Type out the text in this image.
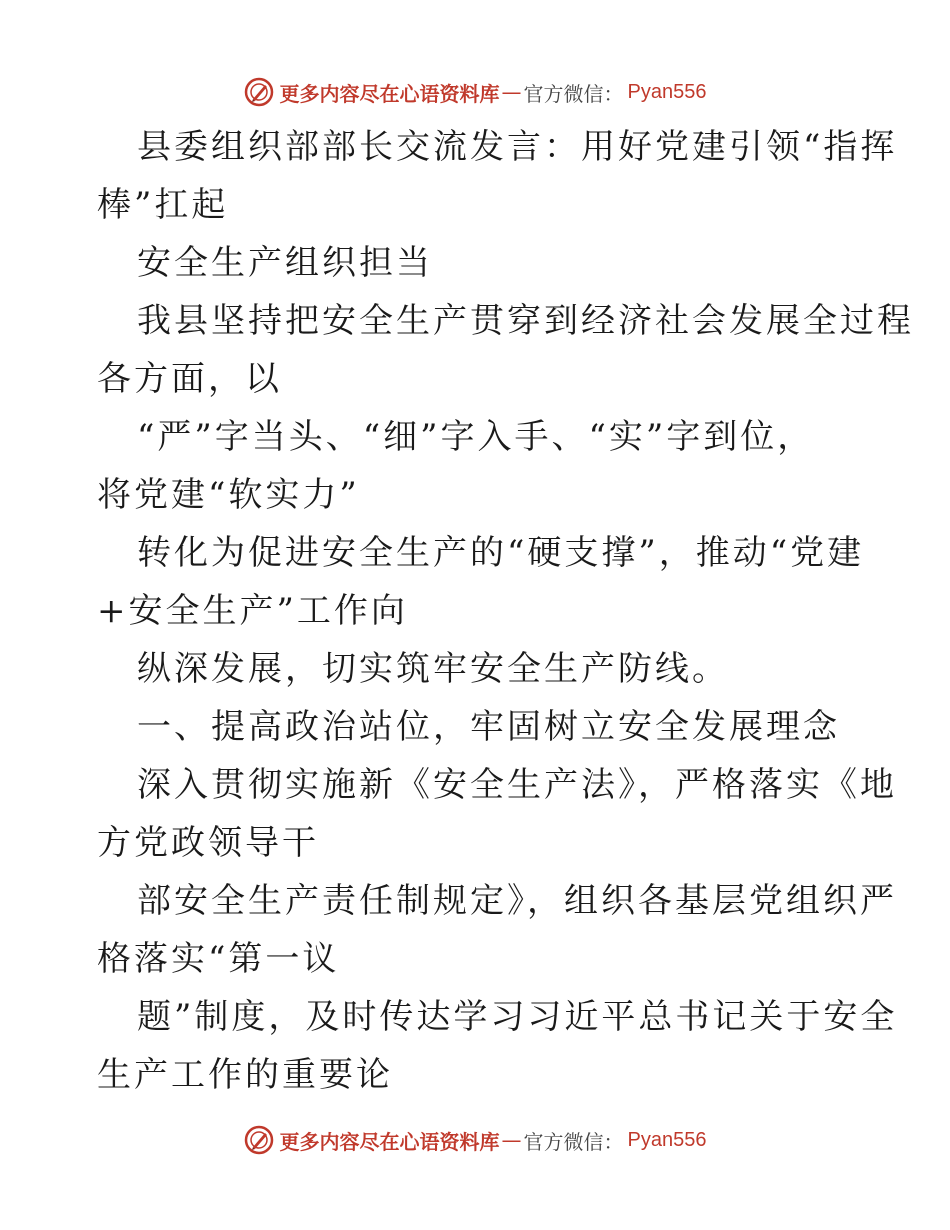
更多内容尽在心语资料库 — 官方微信： Pyan556
县委组织部部长交流发言：用好党建引领“指挥
棒”扛起
安全生产组织担当
我县坚持把安全生产贯穿到经济社会发展全过程
各方面，以
“严”字当头、“细”字入手、“实”字到位，
将党建“软实力”
转化为促进安全生产的“硬支撑”，推动“党建
+安全生产”工作向
纵深发展，切实筑牢安全生产防线。
一、提高政治站位，牢固树立安全发展理念
深入贯彻实施新《安全生产法》，严格落实《地
方党政领导干
部安全生产责任制规定》，组织各基层党组织严
格落实“第一议
题”制度，及时传达学习习近平总书记关于安全
生产工作的重要论
更多内容尽在心语资料库 — 官方微信： Pyan556
